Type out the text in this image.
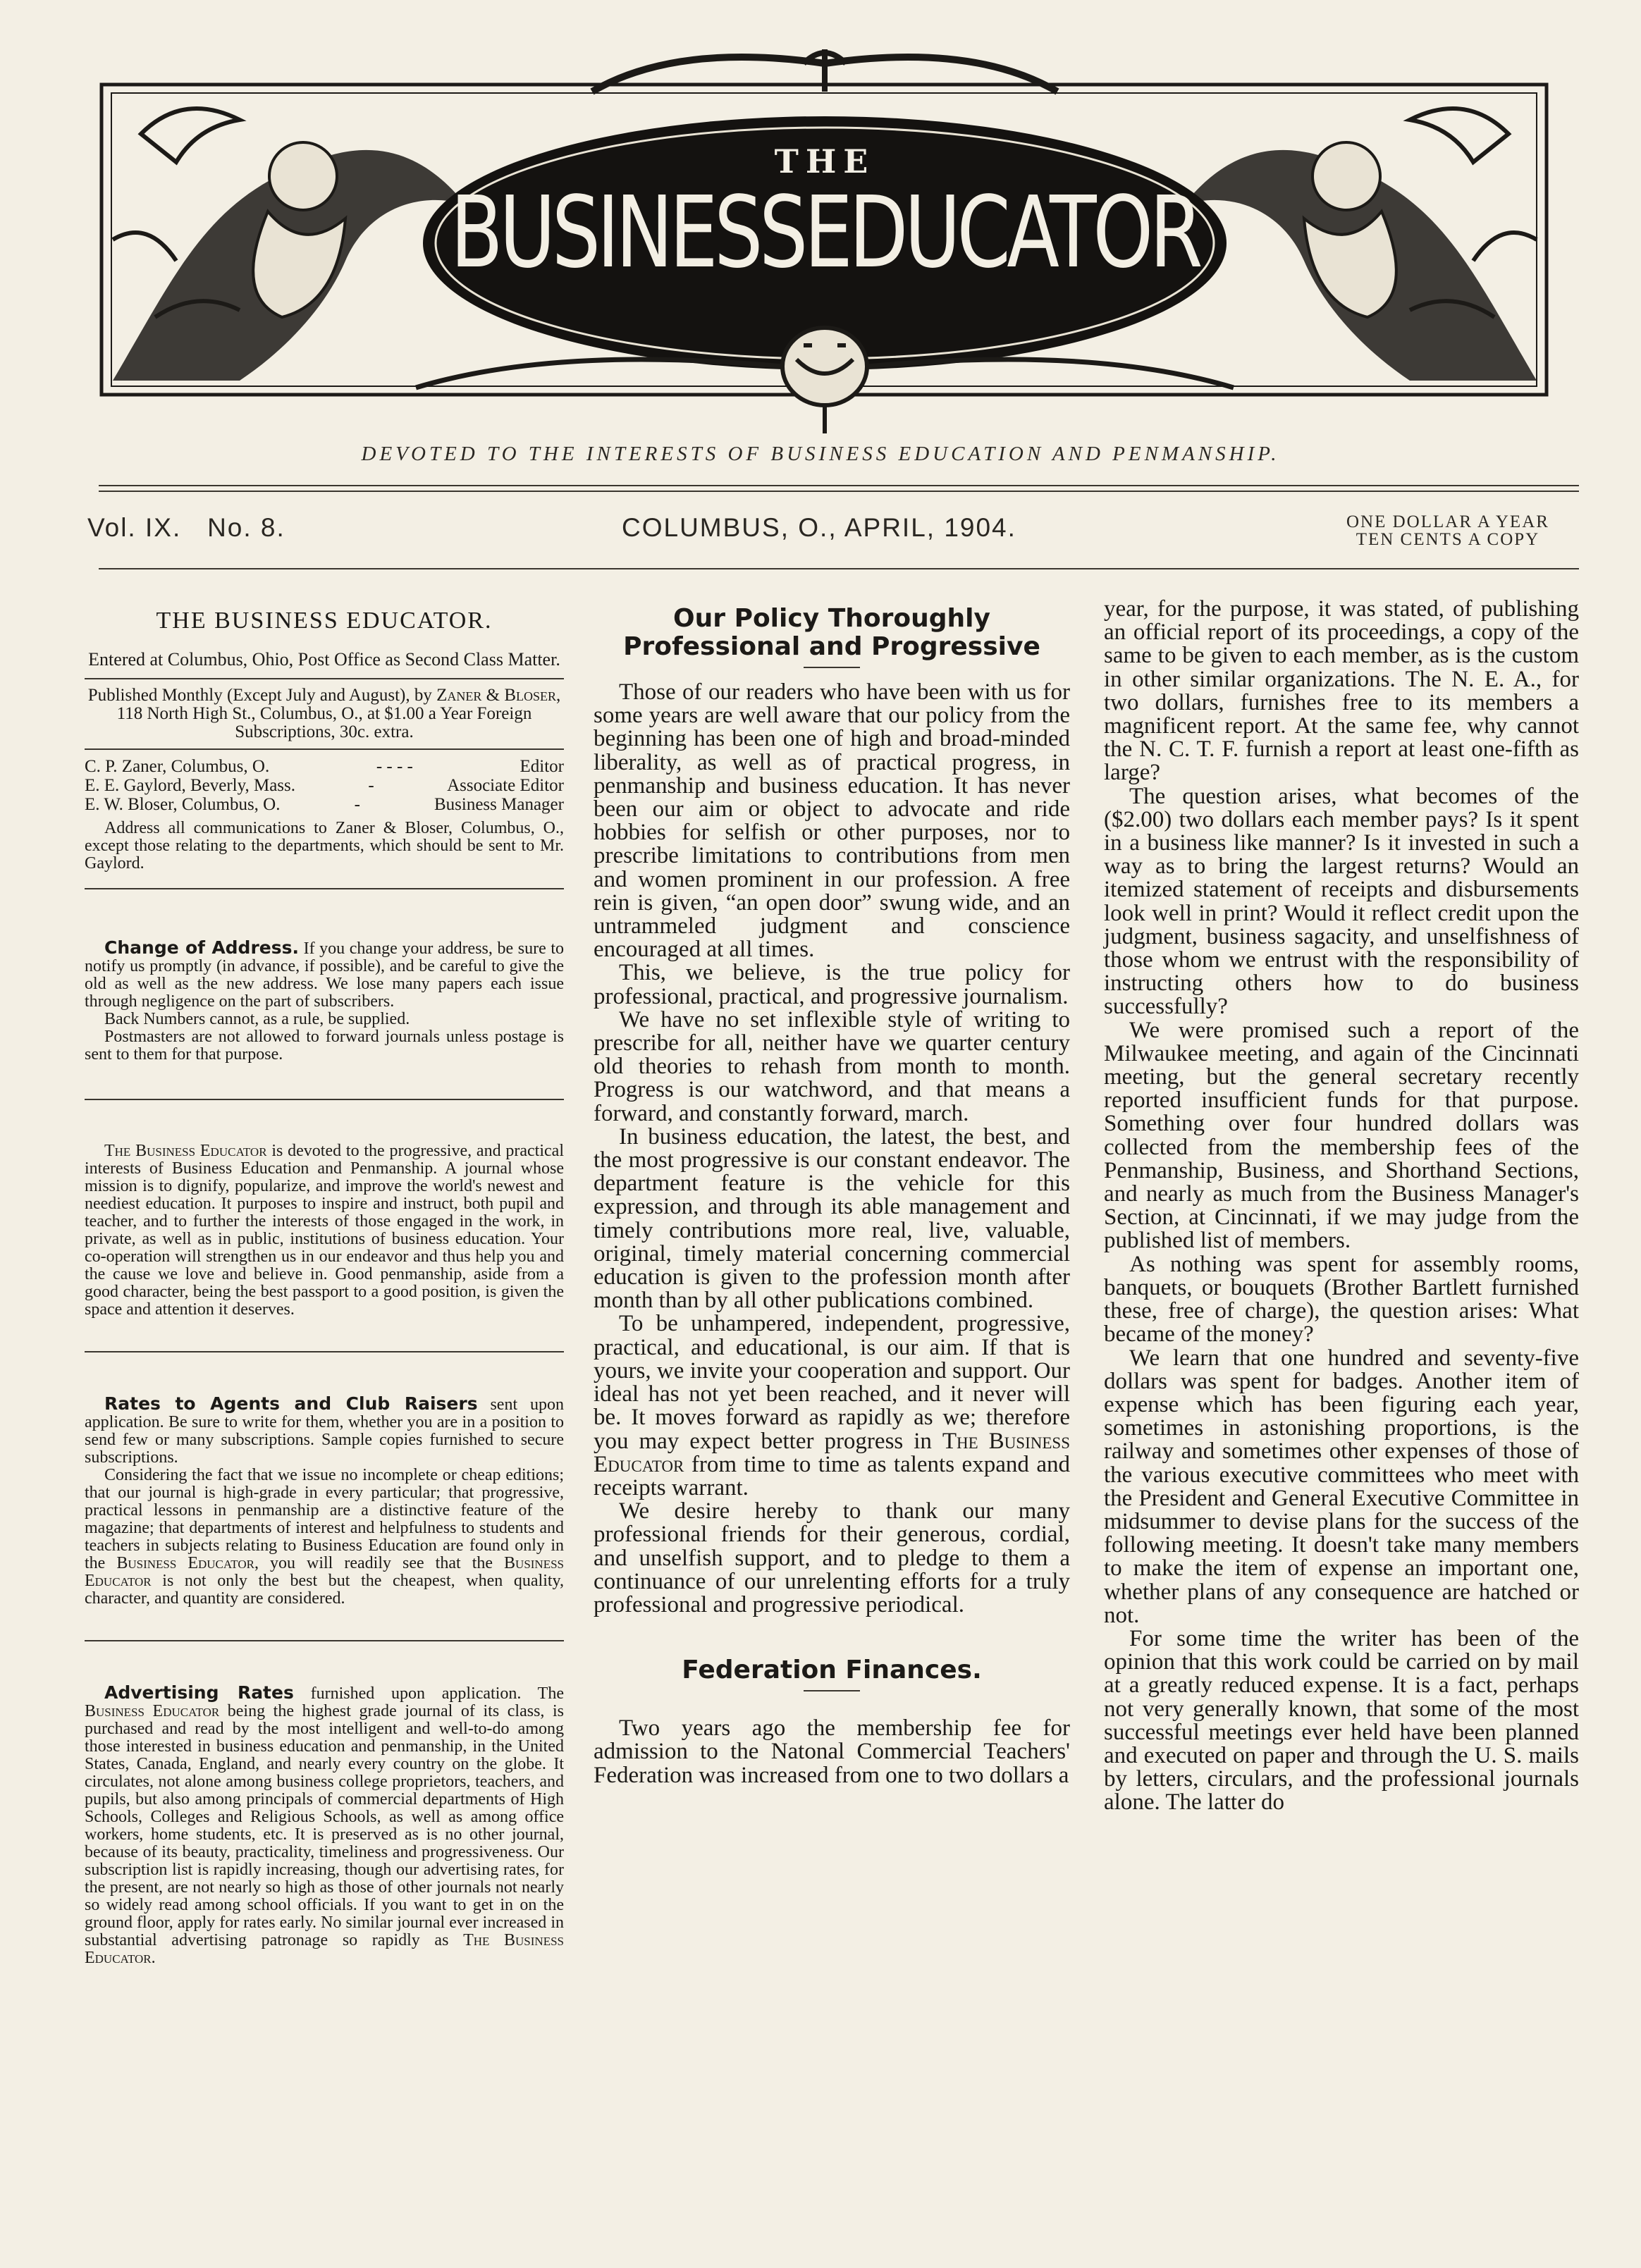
THE
BUSINESSEDUCATOR
DEVOTED TO THE INTERESTS OF BUSINESS EDUCATION AND PENMANSHIP.
Vol. IX. No. 8.	COLUMBUS, O., APRIL, 1904.	ONE DOLLAR A YEAR
TEN CENTS A COPY
THE BUSINESS EDUCATOR.
Entered at Columbus, Ohio, Post Office as Second Class Matter.

Published Monthly (Except July and August), by Zaner & Bloser, 118 North High St., Columbus, O., at $1.00 a Year Foreign Subscriptions, 30c. extra.

C. P. Zaner, Columbus, O.	- - - -	Editor
E. E. Gaylord, Beverly, Mass.	-	Associate Editor
E. W. Bloser, Columbus, O.	-	Business Manager

Address all communications to Zaner & Bloser, Columbus, O., except those relating to the departments, which should be sent to Mr. Gaylord.

Change of Address. If you change your address, be sure to notify us promptly (in advance, if possible), and be careful to give the old as well as the new address. We lose many papers each issue through negligence on the part of subscribers.

Back Numbers cannot, as a rule, be supplied.

Postmasters are not allowed to forward journals unless postage is sent to them for that purpose.

The Business Educator is devoted to the progressive, and practical interests of Business Education and Penmanship. A journal whose mission is to dignify, popularize, and improve the world's newest and neediest education. It purposes to inspire and instruct, both pupil and teacher, and to further the interests of those engaged in the work, in private, as well as in public, institutions of business education. Your co-operation will strengthen us in our endeavor and thus help you and the cause we love and believe in. Good penmanship, aside from a good character, being the best passport to a good position, is given the space and attention it deserves.

Rates to Agents and Club Raisers sent upon application. Be sure to write for them, whether you are in a position to send few or many subscriptions. Sample copies furnished to secure subscriptions.

Considering the fact that we issue no incomplete or cheap editions; that our journal is high-grade in every particular; that progressive, practical lessons in penmanship are a distinctive feature of the magazine; that departments of interest and helpfulness to students and teachers in subjects relating to Business Education are found only in the Business Educator, you will readily see that the Business Educator is not only the best but the cheapest, when quality, character, and quantity are considered.

Advertising Rates furnished upon application. The Business Educator being the highest grade journal of its class, is purchased and read by the most intelligent and well-to-do among those interested in business education and penmanship, in the United States, Canada, England, and nearly every country on the globe. It circulates, not alone among business college proprietors, teachers, and pupils, but also among principals of commercial departments of High Schools, Colleges and Religious Schools, as well as among office workers, home students, etc. It is preserved as is no other journal, because of its beauty, practicality, timeliness and progressiveness. Our subscription list is rapidly increasing, though our advertising rates, for the present, are not nearly so high as those of other journals not nearly so widely read among school officials. If you want to get in on the ground floor, apply for rates early. No similar journal ever increased in substantial advertising patronage so rapidly as The Business Educator.

Our Policy Thoroughly Professional and Progressive

Those of our readers who have been with us for some years are well aware that our policy from the beginning has been one of high and broad-minded liberality, as well as of practical progress, in penmanship and business education. It has never been our aim or object to advocate and ride hobbies for selfish or other purposes, nor to prescribe limitations to contributions from men and women prominent in our profession. A free rein is given, “an open door” swung wide, and an untrammeled judgment and conscience encouraged at all times.

This, we believe, is the true policy for professional, practical, and progressive journalism.

We have no set inflexible style of writing to prescribe for all, neither have we quarter century old theories to rehash from month to month. Progress is our watchword, and that means a forward, and constantly forward, march.

In business education, the latest, the best, and the most progressive is our constant endeavor. The department feature is the vehicle for this expression, and through its able management and timely contributions more real, live, valuable, original, timely material concerning commercial education is given to the profession month after month than by all other publications combined.

To be unhampered, independent, progressive, practical, and educational, is our aim. If that is yours, we invite your cooperation and support. Our ideal has not yet been reached, and it never will be. It moves forward as rapidly as we; therefore you may expect better progress in The Business Educator from time to time as talents expand and receipts warrant.

We desire hereby to thank our many professional friends for their generous, cordial, and unselfish support, and to pledge to them a continuance of our unrelenting efforts for a truly professional and progressive periodical.

Federation Finances.

Two years ago the membership fee for admission to the Natonal Commercial Teachers' Federation was increased from one to two dollars a

year, for the purpose, it was stated, of publishing an official report of its proceedings, a copy of the same to be given to each member, as is the custom in other similar organizations. The N. E. A., for two dollars, furnishes free to its members a magnificent report. At the same fee, why cannot the N. C. T. F. furnish a report at least one-fifth as large?

The question arises, what becomes of the ($2.00) two dollars each member pays? Is it spent in a business like manner? Is it invested in such a way as to bring the largest returns? Would an itemized statement of receipts and disbursements look well in print? Would it reflect credit upon the judgment, business sagacity, and unselfishness of those whom we entrust with the responsibility of instructing others how to do business successfully?

We were promised such a report of the Milwaukee meeting, and again of the Cincinnati meeting, but the general secretary recently reported insufficient funds for that purpose. Something over four hundred dollars was collected from the membership fees of the Penmanship, Business, and Shorthand Sections, and nearly as much from the Business Manager's Section, at Cincinnati, if we may judge from the published list of members.

As nothing was spent for assembly rooms, banquets, or bouquets (Brother Bartlett furnished these, free of charge), the question arises: What became of the money?

We learn that one hundred and seventy-five dollars was spent for badges. Another item of expense which has been figuring each year, sometimes in astonishing proportions, is the railway and sometimes other expenses of those of the various executive committees who meet with the President and General Executive Committee in midsummer to devise plans for the success of the following meeting. It doesn't take many members to make the item of expense an important one, whether plans of any consequence are hatched or not.

For some time the writer has been of the opinion that this work could be carried on by mail at a greatly reduced expense. It is a fact, perhaps not very generally known, that some of the most successful meetings ever held have been planned and executed on paper and through the U. S. mails by letters, circulars, and the professional journals alone. The latter do
